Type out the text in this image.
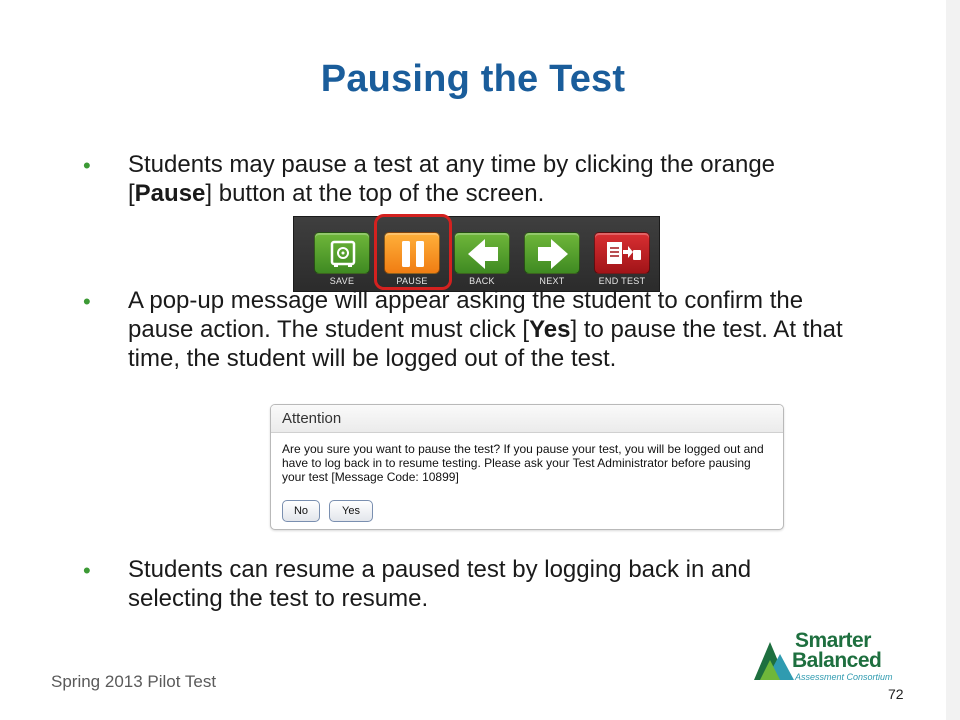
Pausing the Test
• Students may pause a test at any time by clicking the orange [Pause] button at the top of the screen.
SAVE	PAUSE	BACK	NEXT	END TEST
• A pop-up message will appear asking the student to confirm the pause action. The student must click [Yes] to pause the test. At that time, the student will be logged out of the test.
Attention
Are you sure you want to pause the test? If you pause your test, you will be logged out and have to log back in to resume testing. Please ask your Test Administrator before pausing your test [Message Code: 10899]
No	Yes
• Students can resume a paused test by logging back in and selecting the test to resume.
Spring 2013 Pilot Test
Smarter
Balanced
Assessment Consortium
72
